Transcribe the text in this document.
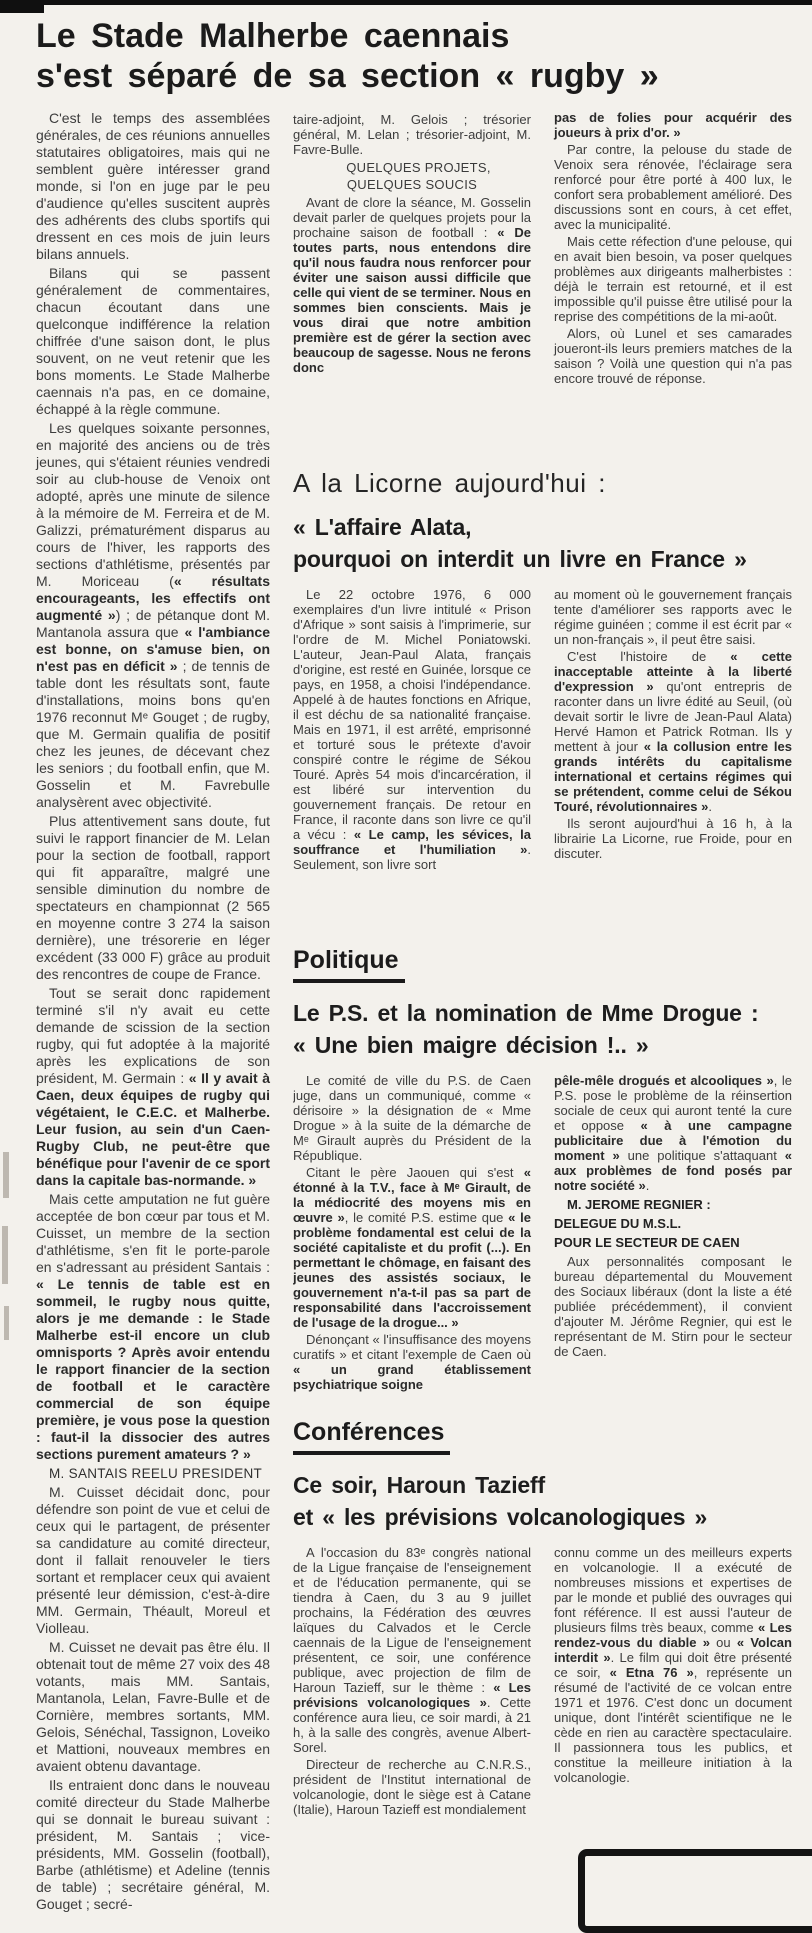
Le Stade Malherbe caennais
s'est séparé de sa section « rugby »

C'est le temps des assemblées générales, de ces réunions annuelles statutaires obligatoires, mais qui ne semblent guère intéresser grand monde, si l'on en juge par le peu d'audience qu'elles suscitent auprès des adhérents des clubs sportifs qui dressent en ces mois de juin leurs bilans annuels.

Bilans qui se passent généralement de commentaires, chacun écoutant dans une quelconque indifférence la relation chiffrée d'une saison dont, le plus souvent, on ne veut retenir que les bons moments. Le Stade Malherbe caennais n'a pas, en ce domaine, échappé à la règle commune.

Les quelques soixante personnes, en majorité des anciens ou de très jeunes, qui s'étaient réunies vendredi soir au club-house de Venoix ont adopté, après une minute de silence à la mémoire de M. Ferreira et de M. Galizzi, prématurément disparus au cours de l'hiver, les rapports des sections d'athlétisme, présentés par M. Moriceau (« résultats encourageants, les effectifs ont augmenté ») ; de pétanque dont M. Mantanola assura que « l'ambiance est bonne, on s'amuse bien, on n'est pas en déficit » ; de tennis de table dont les résultats sont, faute d'installations, moins bons qu'en 1976 reconnut Mᵉ Gouget ; de rugby, que M. Germain qualifia de positif chez les jeunes, de décevant chez les seniors ; du football enfin, que M. Gosselin et M. Favrebulle analysèrent avec objectivité.

Plus attentivement sans doute, fut suivi le rapport financier de M. Lelan pour la section de football, rapport qui fit apparaître, malgré une sensible diminution du nombre de spectateurs en championnat (2 565 en moyenne contre 3 274 la saison dernière), une trésorerie en léger excédent (33 000 F) grâce au produit des rencontres de coupe de France.

Tout se serait donc rapidement terminé s'il n'y avait eu cette demande de scission de la section rugby, qui fut adoptée à la majorité après les explications de son président, M. Germain : « Il y avait à Caen, deux équipes de rugby qui végétaient, le C.E.C. et Malherbe. Leur fusion, au sein d'un Caen-Rugby Club, ne peut-être que bénéfique pour l'avenir de ce sport dans la capitale bas-normande. »

Mais cette amputation ne fut guère acceptée de bon cœur par tous et M. Cuisset, un membre de la section d'athlétisme, s'en fit le porte-parole en s'adressant au président Santais : « Le tennis de table est en sommeil, le rugby nous quitte, alors je me demande : le Stade Malherbe est-il encore un club omnisports ? Après avoir entendu le rapport financier de la section de football et le caractère commercial de son équipe première, je vous pose la question : faut-il la dissocier des autres sections purement amateurs ? »

M. SANTAIS REELU PRESIDENT

M. Cuisset décidait donc, pour défendre son point de vue et celui de ceux qui le partagent, de présenter sa candidature au comité directeur, dont il fallait renouveler le tiers sortant et remplacer ceux qui avaient présenté leur démission, c'est-à-dire MM. Germain, Théault, Moreul et Violleau.

M. Cuisset ne devait pas être élu. Il obtenait tout de même 27 voix des 48 votants, mais MM. Santais, Mantanola, Lelan, Favre-Bulle et de Cornière, membres sortants, MM. Gelois, Sénéchal, Tassignon, Loveiko et Mattioni, nouveaux membres en avaient obtenu davantage.

Ils entraient donc dans le nouveau comité directeur du Stade Malherbe qui se donnait le bureau suivant : président, M. Santais ; vice-présidents, MM. Gosselin (football), Barbe (athlétisme) et Adeline (tennis de table) ; secrétaire général, M. Gouget ; secré-

taire-adjoint, M. Gelois ; trésorier général, M. Lelan ; trésorier-adjoint, M. Favre-Bulle.

QUELQUES PROJETS,
QUELQUES SOUCIS

Avant de clore la séance, M. Gosselin devait parler de quelques projets pour la prochaine saison de football : « De toutes parts, nous entendons dire qu'il nous faudra nous renforcer pour éviter une saison aussi difficile que celle qui vient de se terminer. Nous en sommes bien conscients. Mais je vous dirai que notre ambition première est de gérer la section avec beaucoup de sagesse. Nous ne ferons donc

pas de folies pour acquérir des joueurs à prix d'or. »

Par contre, la pelouse du stade de Venoix sera rénovée, l'éclairage sera renforcé pour être porté à 400 lux, le confort sera probablement amélioré. Des discussions sont en cours, à cet effet, avec la municipalité.

Mais cette réfection d'une pelouse, qui en avait bien besoin, va poser quelques problèmes aux dirigeants malherbistes : déjà le terrain est retourné, et il est impossible qu'il puisse être utilisé pour la reprise des compétitions de la mi-août.

Alors, où Lunel et ses camarades joueront-ils leurs premiers matches de la saison ? Voilà une question qui n'a pas encore trouvé de réponse.

A la Licorne aujourd'hui :
« L'affaire Alata,
pourquoi on interdit un livre en France »

Le 22 octobre 1976, 6 000 exemplaires d'un livre intitulé « Prison d'Afrique » sont saisis à l'imprimerie, sur l'ordre de M. Michel Poniatowski. L'auteur, Jean-Paul Alata, français d'origine, est resté en Guinée, lorsque ce pays, en 1958, a choisi l'indépendance. Appelé à de hautes fonctions en Afrique, il est déchu de sa nationalité française. Mais en 1971, il est arrêté, emprisonné et torturé sous le prétexte d'avoir conspiré contre le régime de Sékou Touré. Après 54 mois d'incarcération, il est libéré sur intervention du gouvernement français. De retour en France, il raconte dans son livre ce qu'il a vécu : « Le camp, les sévices, la souffrance et l'humiliation ». Seulement, son livre sort

au moment où le gouvernement français tente d'améliorer ses rapports avec le régime guinéen ; comme il est écrit par « un non-français », il peut être saisi.

C'est l'histoire de « cette inacceptable atteinte à la liberté d'expression » qu'ont entrepris de raconter dans un livre édité au Seuil, (où devait sortir le livre de Jean-Paul Alata) Hervé Hamon et Patrick Rotman. Ils y mettent à jour « la collusion entre les grands intérêts du capitalisme international et certains régimes qui se prétendent, comme celui de Sékou Touré, révolutionnaires ».

Ils seront aujourd'hui à 16 h, à la librairie La Licorne, rue Froide, pour en discuter.

Politique
Le P.S. et la nomination de Mme Drogue :
« Une bien maigre décision !.. »

Le comité de ville du P.S. de Caen juge, dans un communiqué, comme « dérisoire » la désignation de « Mme Drogue » à la suite de la démarche de Mᵉ Girault auprès du Président de la République.

Citant le père Jaouen qui s'est « étonné à la T.V., face à Mᵉ Girault, de la médiocrité des moyens mis en œuvre », le comité P.S. estime que « le problème fondamental est celui de la société capitaliste et du profit (...). En permettant le chômage, en faisant des jeunes des assistés sociaux, le gouvernement n'a-t-il pas sa part de responsabilité dans l'accroissement de l'usage de la drogue... »

Dénonçant « l'insuffisance des moyens curatifs » et citant l'exemple de Caen où « un grand établissement psychiatrique soigne

pêle-mêle drogués et alcooliques », le P.S. pose le problème de la réinsertion sociale de ceux qui auront tenté la cure et oppose « à une campagne publicitaire due à l'émotion du moment » une politique s'attaquant « aux problèmes de fond posés par notre société ».

M. JEROME REGNIER :
DELEGUE DU M.S.L.
POUR LE SECTEUR DE CAEN

Aux personnalités composant le bureau départemental du Mouvement des Sociaux libéraux (dont la liste a été publiée précédemment), il convient d'ajouter M. Jérôme Regnier, qui est le représentant de M. Stirn pour le secteur de Caen.

Conférences
Ce soir, Haroun Tazieff
et « les prévisions volcanologiques »

A l'occasion du 83ᵉ congrès national de la Ligue française de l'enseignement et de l'éducation permanente, qui se tiendra à Caen, du 3 au 9 juillet prochains, la Fédération des œuvres laïques du Calvados et le Cercle caennais de la Ligue de l'enseignement présentent, ce soir, une conférence publique, avec projection de film de Haroun Tazieff, sur le thème : « Les prévisions volcanologiques ». Cette conférence aura lieu, ce soir mardi, à 21 h, à la salle des congrès, avenue Albert-Sorel.

Directeur de recherche au C.N.R.S., président de l'Institut international de volcanologie, dont le siège est à Catane (Italie), Haroun Tazieff est mondialement

connu comme un des meilleurs experts en volcanologie. Il a exécuté de nombreuses missions et expertises de par le monde et publié des ouvrages qui font référence. Il est aussi l'auteur de plusieurs films très beaux, comme « Les rendez-vous du diable » ou « Volcan interdit ». Le film qui doit être présenté ce soir, « Etna 76 », représente un résumé de l'activité de ce volcan entre 1971 et 1976. C'est donc un document unique, dont l'intérêt scientifique ne le cède en rien au caractère spectaculaire. Il passionnera tous les publics, et constitue la meilleure initiation à la volcanologie.
